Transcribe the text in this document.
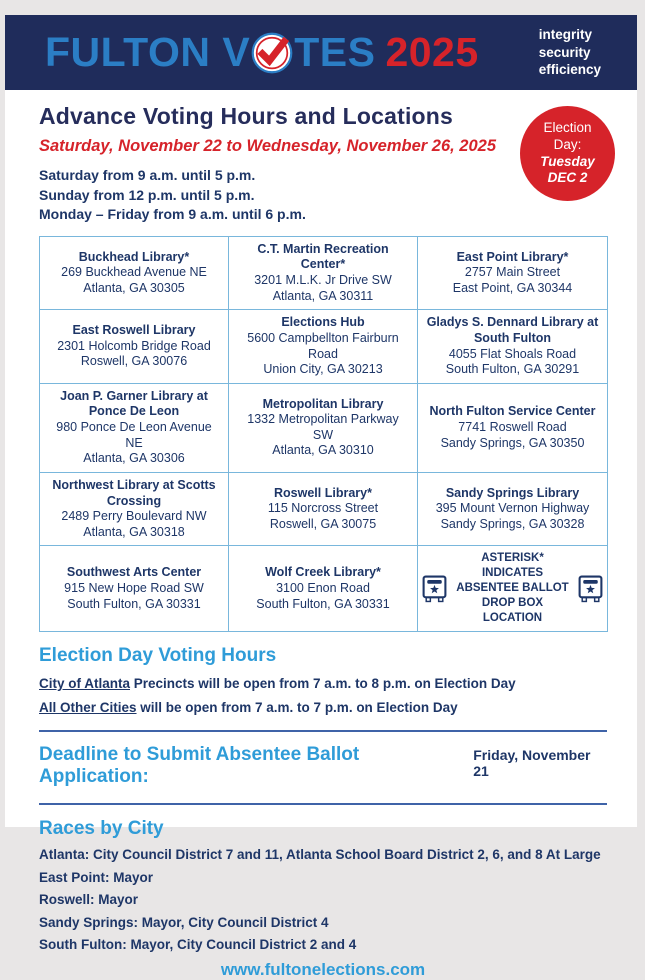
FULTON V TES 2025	integrity
security
efficiency
Advance Voting Hours and Locations

Saturday, November 22 to Wednesday, November 26, 2025

Saturday from 9 a.m. until 5 p.m.
Sunday from 12 p.m. until 5 p.m.
Monday – Friday from 9 a.m. until 6 p.m.
Election
Day:
Tuesday
DEC 2
Buckhead Library*
269 Buckhead Avenue NE
Atlanta, GA 30305
C.T. Martin Recreation Center*
3201 M.L.K. Jr Drive SW
Atlanta, GA 30311
East Point Library*
2757 Main Street
East Point, GA 30344
East Roswell Library
2301 Holcomb Bridge Road
Roswell, GA 30076
Elections Hub
5600 Campbellton Fairburn Road
Union City, GA 30213
Gladys S. Dennard Library at South Fulton
4055 Flat Shoals Road
South Fulton, GA 30291
Joan P. Garner Library at Ponce De Leon
980 Ponce De Leon Avenue NE
Atlanta, GA 30306
Metropolitan Library
1332 Metropolitan Parkway SW
Atlanta, GA 30310
North Fulton Service Center
7741 Roswell Road
Sandy Springs, GA 30350
Northwest Library at Scotts Crossing
2489 Perry Boulevard NW
Atlanta, GA 30318
Roswell Library*
115 Norcross Street
Roswell, GA 30075
Sandy Springs Library
395 Mount Vernon Highway
Sandy Springs, GA 30328
Southwest Arts Center
915 New Hope Road SW
South Fulton, GA 30331
Wolf Creek Library*
3100 Enon Road
South Fulton, GA 30331
ASTERISK* INDICATES
ABSENTEE BALLOT
DROP BOX LOCATION
Election Day Voting Hours
City of Atlanta Precincts will be open from 7 a.m. to 8 p.m. on Election Day
All Other Cities will be open from 7 a.m. to 7 p.m. on Election Day
Deadline to Submit Absentee Ballot Application:
Friday, November 21
Races by City
Atlanta: City Council District 7 and 11, Atlanta School Board District 2, 6, and 8 At Large
East Point: Mayor
Roswell: Mayor
Sandy Springs: Mayor, City Council District 4
South Fulton: Mayor, City Council District 2 and 4
www.fultonelections.com
